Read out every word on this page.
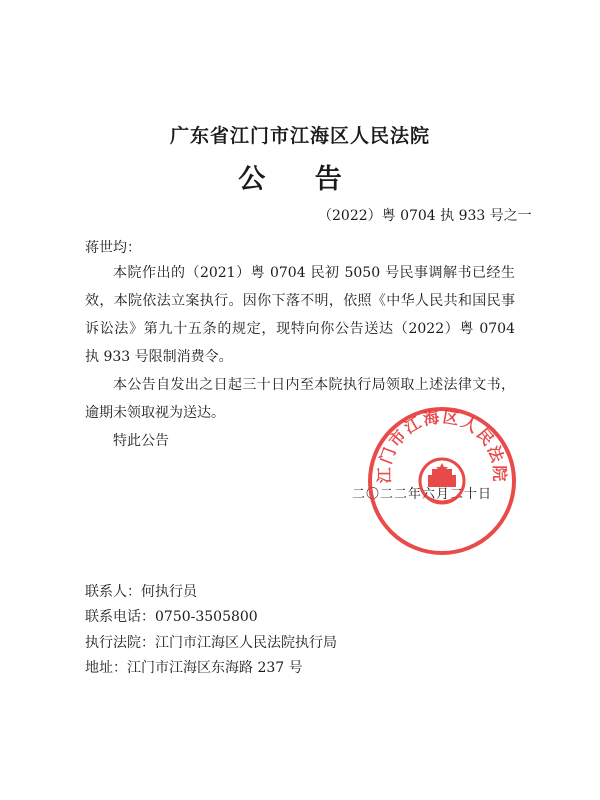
广东省江门市江海区人民法院
公 告
（2022）粤 0704 执 933 号之一
蒋世均：

本院作出的（2021）粤 0704 民初 5050 号民事调解书已经生效，本院依法立案执行。因你下落不明，依照《中华人民共和国民事诉讼法》第九十五条的规定，现特向你公告送达（2022）粤 0704 执 933 号限制消费令。

本公告自发出之日起三十日内至本院执行局领取上述法律文书，逾期未领取视为送达。

特此公告

二〇二二年六月二十日
江门市江海区人民法院
联系人：何执行员
联系电话：0750-3505800
执行法院：江门市江海区人民法院执行局
地址：江门市江海区东海路 237 号
